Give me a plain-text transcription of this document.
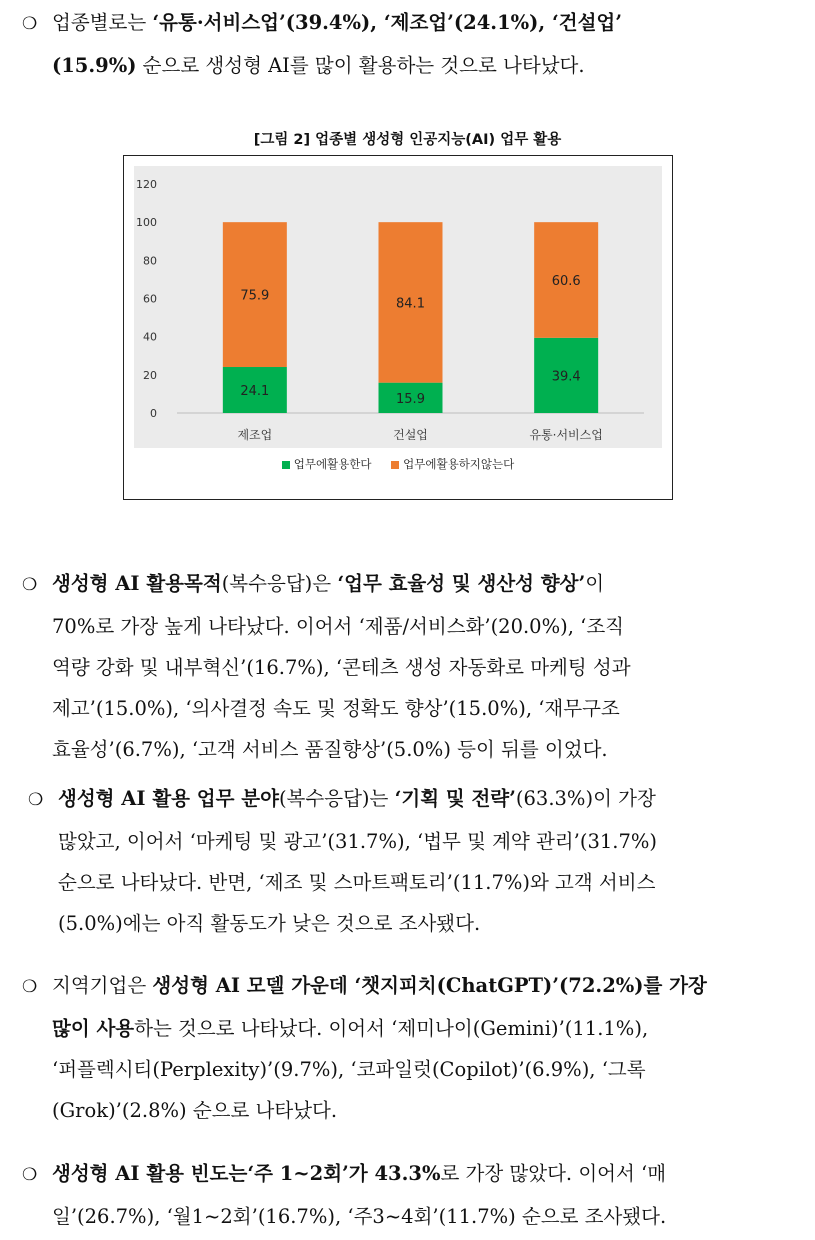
❍ 업종별로는 ‘유통·서비스업’(39.4%), ‘제조업’(24.1%), ‘건설업’
(15.9%) 순으로 생성형 AI를 많이 활용하는 것으로 나타났다.
[그림 2] 업종별 생성형 인공지능(AI) 업무 활용
0
20
40
60
80
100
120
24.1
75.9
제조업
15.9
84.1
건설업
39.4
60.6
유통·서비스업
업무에활용한다	업무에활용하지않는다
❍ 생성형 AI 활용목적(복수응답)은 ‘업무 효율성 및 생산성 향상’이
70%로 가장 높게 나타났다. 이어서 ‘제품/서비스화’(20.0%), ‘조직
역량 강화 및 내부혁신’(16.7%), ‘콘테츠 생성 자동화로 마케팅 성과
제고’(15.0%), ‘의사결정 속도 및 정확도 향상’(15.0%), ‘재무구조
효율성’(6.7%), ‘고객 서비스 품질향상’(5.0%) 등이 뒤를 이었다.
❍ 생성형 AI 활용 업무 분야(복수응답)는 ‘기획 및 전략’(63.3%)이 가장
많았고, 이어서 ‘마케팅 및 광고’(31.7%), ‘법무 및 계약 관리’(31.7%)
순으로 나타났다. 반면, ‘제조 및 스마트팩토리’(11.7%)와 고객 서비스
(5.0%)에는 아직 활동도가 낮은 것으로 조사됐다.
❍ 지역기업은 생성형 AI 모델 가운데 ‘챗지피치(ChatGPT)’(72.2%)를 가장
많이 사용하는 것으로 나타났다. 이어서 ‘제미나이(Gemini)’(11.1%),
‘퍼플렉시티(Perplexity)’(9.7%), ‘코파일럿(Copilot)’(6.9%), ‘그록
(Grok)’(2.8%) 순으로 나타났다.
❍ 생성형 AI 활용 빈도는‘주 1~2회’가 43.3%로 가장 많았다. 이어서 ‘매
일’(26.7%), ‘월1~2회’(16.7%), ‘주3~4회’(11.7%) 순으로 조사됐다.
